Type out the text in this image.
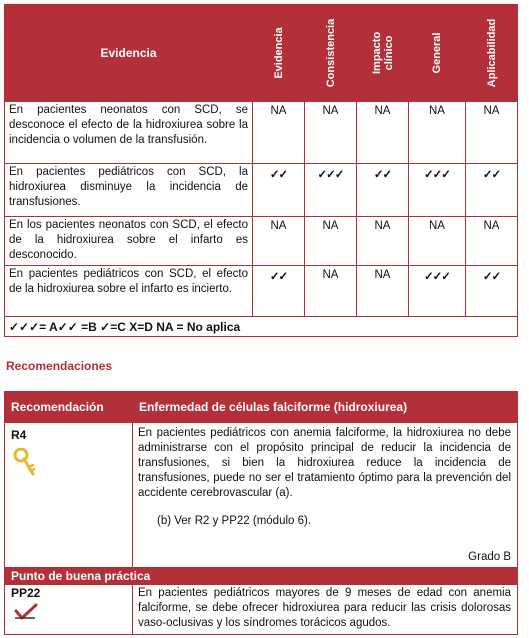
Evidencia	Evidencia	Consistencia	Impacto clínico	General	Aplicabilidad

En pacientes neonatos con SCD, se desconoce el efecto de la hidroxiurea sobre la incidencia o volumen de la transfusión.	NA	NA	NA	NA	NA
En pacientes pediátricos con SCD, la hidroxiurea disminuye la incidencia de transfusiones.	✓✓	✓✓✓	✓✓	✓✓✓	✓✓
En los pacientes neonatos con SCD, el efecto de la hidroxiurea sobre el infarto es desconocido.	NA	NA	NA	NA	NA
En pacientes pediátricos con SCD, el efecto de la hidroxiurea sobre el infarto es incierto.	✓✓	NA	NA	✓✓✓	✓✓
✓✓✓= A✓✓ =B ✓=C X=D NA = No aplica					
Recomendaciones
Recomendación	Enfermedad de células falciforme (hidroxiurea)

R4	En pacientes pediátricos con anemia falciforme, la hidroxiurea no debe administrarse con el propósito principal de reducir la incidencia de transfusiones, si bien la hidroxiurea reduce la incidencia de transfusiones, puede no ser el tratamiento óptimo para la prevención del accidente cerebrovascular (a).
(b) Ver R2 y PP22 (módulo 6).
Grado B

Punto de buena práctica	

PP22	En pacientes pediátricos mayores de 9 meses de edad con anemia falciforme, se debe ofrecer hidroxiurea para reducir las crisis dolorosas vaso-oclusivas y los síndromes torácicos agudos.
